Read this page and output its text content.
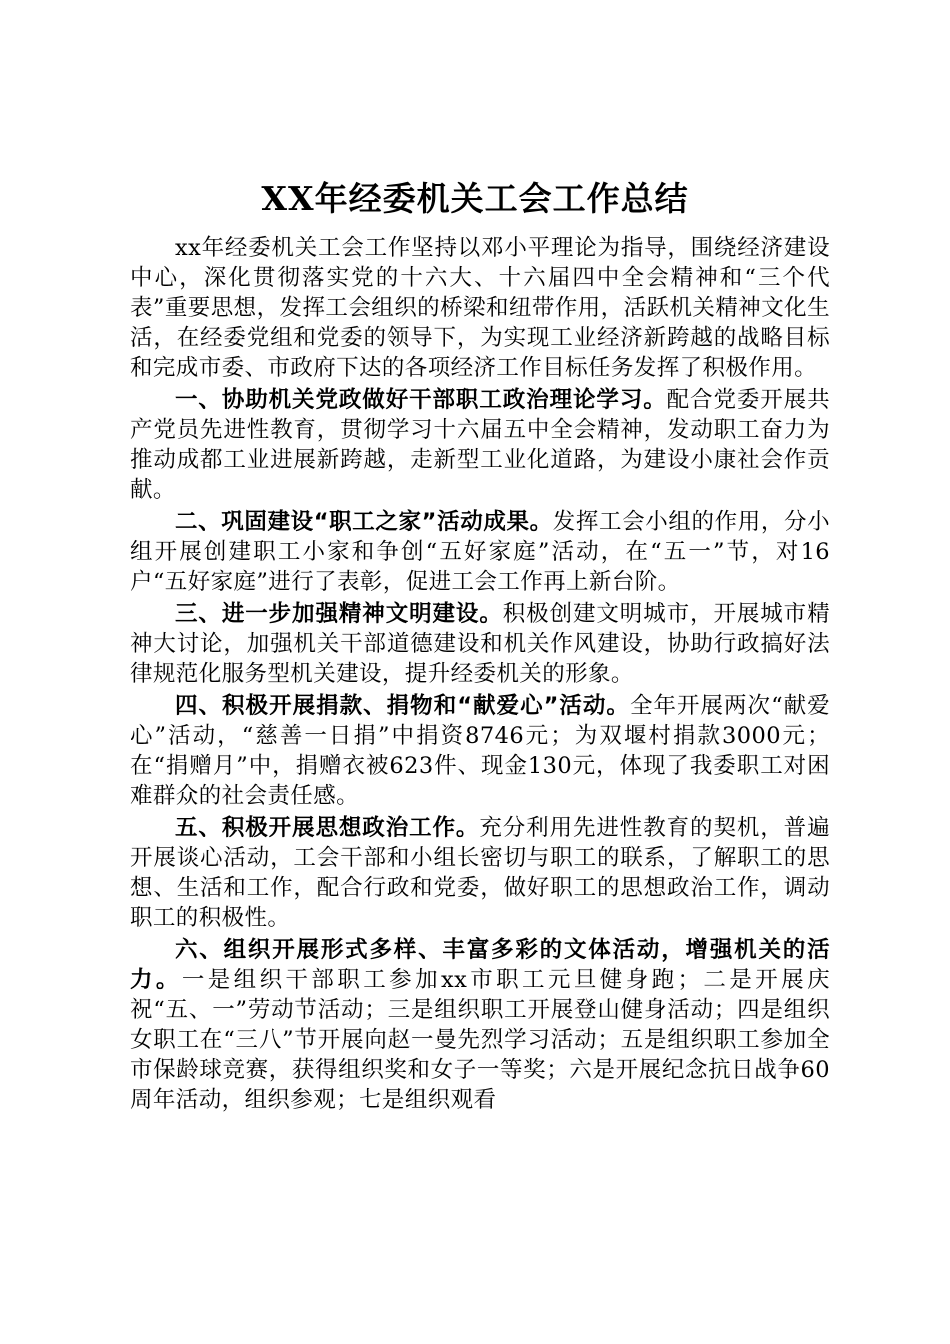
XX年经委机关工会工作总结

xx年经委机关工会工作坚持以邓小平理论为指导，围绕经济建设中心，深化贯彻落实党的十六大、十六届四中全会精神和“三个代表”重要思想，发挥工会组织的桥梁和纽带作用，活跃机关精神文化生活，在经委党组和党委的领导下，为实现工业经济新跨越的战略目标和完成市委、市政府下达的各项经济工作目标任务发挥了积极作用。

一、协助机关党政做好干部职工政治理论学习。配合党委开展共产党员先进性教育，贯彻学习十六届五中全会精神，发动职工奋力为推动成都工业进展新跨越，走新型工业化道路，为建设小康社会作贡献。

二、巩固建设“职工之家”活动成果。发挥工会小组的作用，分小组开展创建职工小家和争创“五好家庭”活动，在“五一”节，对16户“五好家庭”进行了表彰，促进工会工作再上新台阶。

三、进一步加强精神文明建设。积极创建文明城市，开展城市精神大讨论，加强机关干部道德建设和机关作风建设，协助行政搞好法律规范化服务型机关建设，提升经委机关的形象。

四、积极开展捐款、捐物和“献爱心”活动。全年开展两次“献爱心”活动，“慈善一日捐”中捐资8746元；为双堰村捐款3000元；在“捐赠月”中，捐赠衣被623件、现金130元，体现了我委职工对困难群众的社会责任感。

五、积极开展思想政治工作。充分利用先进性教育的契机，普遍开展谈心活动，工会干部和小组长密切与职工的联系，了解职工的思想、生活和工作，配合行政和党委，做好职工的思想政治工作，调动职工的积极性。

六、组织开展形式多样、丰富多彩的文体活动，增强机关的活力。一是组织干部职工参加xx市职工元旦健身跑；二是开展庆祝“五、一”劳动节活动；三是组织职工开展登山健身活动；四是组织女职工在“三八”节开展向赵一曼先烈学习活动；五是组织职工参加全市保龄球竞赛，获得组织奖和女子一等奖；六是开展纪念抗日战争60周年活动，组织参观；七是组织观看
